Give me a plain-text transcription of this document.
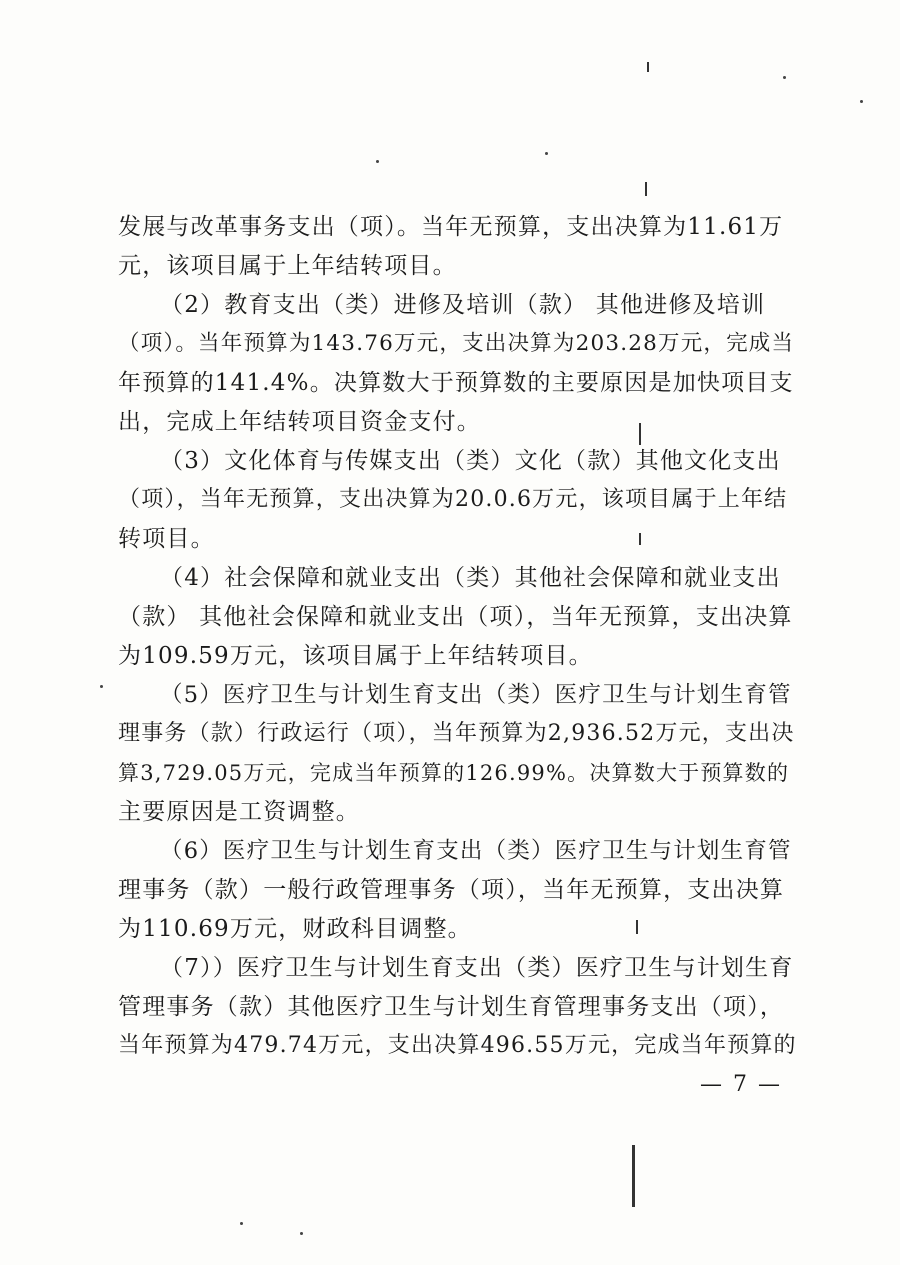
发展与改革事务支出（项）。当年无预算，支出决算为11.61万
元，该项目属于上年结转项目。
（2）教育支出（类）进修及培训（款） 其他进修及培训
（项）。当年预算为143.76万元，支出决算为203.28万元，完成当
年预算的141.4%。决算数大于预算数的主要原因是加快项目支
出，完成上年结转项目资金支付。
（3）文化体育与传媒支出（类）文化（款）其他文化支出
（项），当年无预算，支出决算为20.0.6万元，该项目属于上年结
转项目。
（4）社会保障和就业支出（类）其他社会保障和就业支出
（款） 其他社会保障和就业支出（项），当年无预算，支出决算
为109.59万元，该项目属于上年结转项目。
（5）医疗卫生与计划生育支出（类）医疗卫生与计划生育管
理事务（款）行政运行（项），当年预算为2,936.52万元，支出决
算3,729.05万元，完成当年预算的126.99%。决算数大于预算数的
主要原因是工资调整。
（6）医疗卫生与计划生育支出（类）医疗卫生与计划生育管
理事务（款）一般行政管理事务（项），当年无预算，支出决算
为110.69万元，财政科目调整。
（7））医疗卫生与计划生育支出（类）医疗卫生与计划生育
管理事务（款）其他医疗卫生与计划生育管理事务支出（项），
当年预算为479.74万元，支出决算496.55万元，完成当年预算的
— 7 —
